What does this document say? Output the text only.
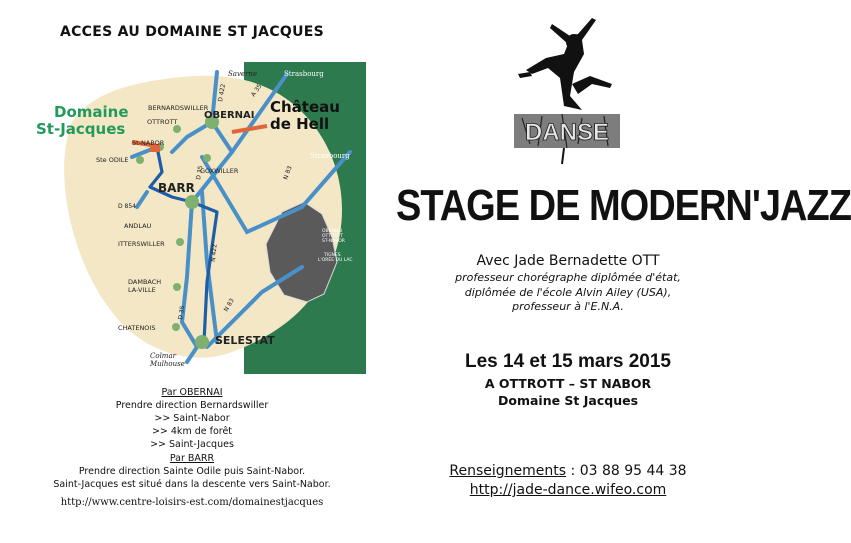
ACCES AU DOMAINE ST JACQUES
Domaine St-Jacques
Château de Hell
OBERNAI
BARR
SELESTAT
BERNARDSWILLER
OTTROTT
St-NABOR
Ste ODILE
GOXWILLER
ANDLAU
ITTERSWILLER
DAMBACH LA-VILLE
CHATENOIS
Saverne	Strasbourg
Strasbourg
Colmar Mulhouse
D 854
D 35
D 35
D 422
N 422
N 83
N 83
A 35
OBERNAI OTTROTT ST-NABOR
TIGNES L'ORÉE DU LAC
Par OBERNAI
Prendre direction Bernardswiller
>> Saint-Nabor
>> 4km de forêt
>> Saint-Jacques
Par BARR
Prendre direction Sainte Odile puis Saint-Nabor.
Saint-Jacques est situé dans la descente vers Saint-Nabor.
http://www.centre-loisirs-est.com/domainestjacques
DANSE
STAGE DE MODERN'JAZZ
Avec Jade Bernadette OTT
professeur chorégraphe diplômée d'état,
diplômée de l'école Alvin Ailey (USA),
professeur à l'E.N.A.
Les 14 et 15 mars 2015
A OTTROTT – ST NABOR
Domaine St Jacques
Renseignements : 03 88 95 44 38
http://jade-dance.wifeo.com
